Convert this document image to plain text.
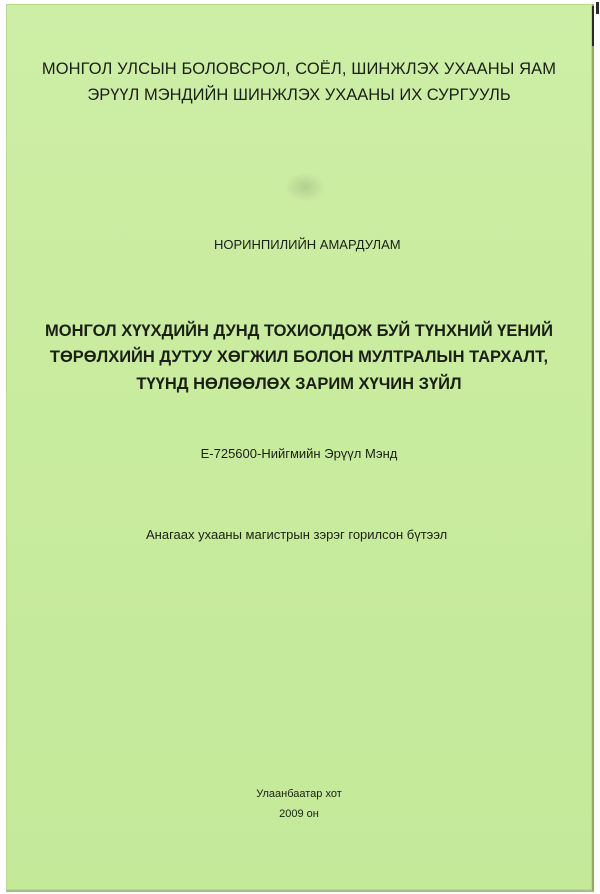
МОНГОЛ УЛСЫН БОЛОВСРОЛ, СОЁЛ, ШИНЖЛЭХ УХААНЫ ЯАМ
ЭРҮҮЛ МЭНДИЙН ШИНЖЛЭХ УХААНЫ ИХ СУРГУУЛЬ
НОРИНПИЛИЙН АМАРДУЛАМ
МОНГОЛ ХҮҮХДИЙН ДУНД ТОХИОЛДОЖ БУЙ ТҮНХНИЙ ҮЕНИЙ
ТӨРӨЛХИЙН ДУТУУ ХӨГЖИЛ БОЛОН МУЛТРАЛЫН ТАРХАЛТ,
ТҮҮНД НӨЛӨӨЛӨХ ЗАРИМ ХҮЧИН ЗҮЙЛ
Е-725600-Нийгмийн Эрүүл Мэнд
Анагаах ухааны магистрын зэрэг горилсон бүтээл
Улаанбаатар хот
2009 он
